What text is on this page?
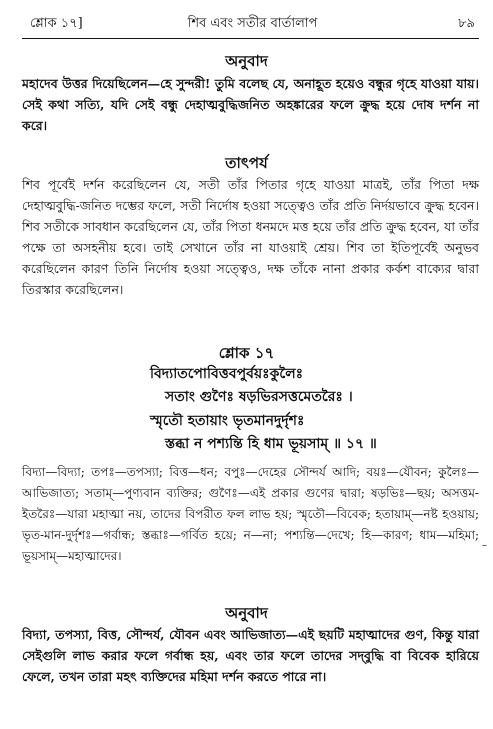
শ্লোক ১৭]	শিব এবং সতীর বার্তালাপ	৮৯
অনুবাদ
মহাদেব উত্তর দিয়েছিলেন—হে সুন্দরী! তুমি বলেছ যে, অনাহূত হয়েও বন্ধুর গৃহে যাওয়া যায়। সেই কথা সত্যি, যদি সেই বন্ধু দেহাত্মবুদ্ধিজনিত অহঙ্কারের ফলে ক্রুদ্ধ হয়ে দোষ দর্শন না করে।
তাৎপর্য
শিব পূর্বেই দর্শন করেছিলেন যে, সতী তাঁর পিতার গৃহে যাওয়া মাত্রই, তাঁর পিতা দক্ষ দেহাত্মবুদ্ধি-জনিত দম্ভের ফলে, সতী নির্দোষ হওয়া সত্ত্বেও তাঁর প্রতি নির্দয়ভাবে ক্রুদ্ধ হবেন। শিব সতীকে সাবধান করেছিলেন যে, তাঁর পিতা ধনমদে মত্ত হয়ে তাঁর প্রতি ক্রুদ্ধ হবেন, যা তাঁর পক্ষে তা অসহনীয় হবে। তাই সেখানে তাঁর না যাওয়াই শ্রেয়। শিব তা ইতিপূর্বেই অনুভব করেছিলেন কারণ তিনি নির্দোষ হওয়া সত্ত্বেও, দক্ষ তাঁকে নানা প্রকার কর্কশ বাক্যের দ্বারা তিরস্কার করেছিলেন।
শ্লোক ১৭
বিদ্যাতপোবিত্তবপুর্বয়ঃকুলৈঃ
সতাং গুণৈঃ ষড়ভিরসত্তমেতরৈঃ ।
স্মৃতৌ হতায়াং ভৃতমানদুর্দৃশঃ
স্তব্ধা ন পশ্যন্তি হি ধাম ভূয়সাম্ ॥ ১৭ ॥
বিদ্যা—বিদ্যা; তপঃ—তপস্যা; বিত্ত—ধন; বপুঃ—দেহের সৌন্দর্য আদি; বয়ঃ—যৌবন; কুলৈঃ—আভিজাত্য; সতাম্—পুণ্যবান ব্যক্তির; গুণৈঃ—এই প্রকার গুণের দ্বারা; ষড়ভিঃ—ছয়; অসত্তম-ইতরৈঃ—যারা মহাত্মা নয়, তাদের বিপরীত ফল লাভ হয়; স্মৃতৌ—বিবেক; হতায়াম্—নষ্ট হওয়ায়; ভৃত-মান-দুর্দৃশঃ—গর্বান্ধ; স্তব্ধাঃ—গর্বিত হয়ে; ন—না; পশ্যন্তি—দেখে; হি—কারণ; ধাম—মহিমা; ভূয়সাম্—মহাত্মাদের।
অনুবাদ
বিদ্যা, তপস্যা, বিত্ত, সৌন্দর্য, যৌবন এবং আভিজাত্য—এই ছয়টি মহাত্মাদের গুণ, কিন্তু যারা সেইগুলি লাভ করার ফলে গর্বান্ধ হয়, এবং তার ফলে তাদের সদ্‌বুদ্ধি বা বিবেক হারিয়ে ফেলে, তখন তারা মহৎ ব্যক্তিদের মহিমা দর্শন করতে পারে না।
–
